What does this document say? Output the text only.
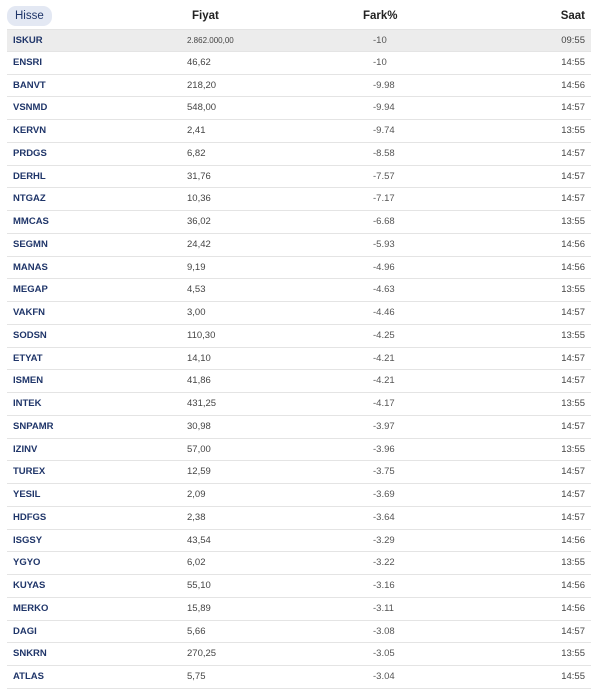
Hisse	Fiyat	Fark%	Saat
ISKUR	2.862.000,00	-10	09:55
ENSRI	46,62	-10	14:55
BANVT	218,20	-9.98	14:56
VSNMD	548,00	-9.94	14:57
KERVN	2,41	-9.74	13:55
PRDGS	6,82	-8.58	14:57
DERHL	31,76	-7.57	14:57
NTGAZ	10,36	-7.17	14:57
MMCAS	36,02	-6.68	13:55
SEGMN	24,42	-5.93	14:56
MANAS	9,19	-4.96	14:56
MEGAP	4,53	-4.63	13:55
VAKFN	3,00	-4.46	14:57
SODSN	110,30	-4.25	13:55
ETYAT	14,10	-4.21	14:57
ISMEN	41,86	-4.21	14:57
INTEK	431,25	-4.17	13:55
SNPAMR	30,98	-3.97	14:57
IZINV	57,00	-3.96	13:55
TUREX	12,59	-3.75	14:57
YESIL	2,09	-3.69	14:57
HDFGS	2,38	-3.64	14:57
ISGSY	43,54	-3.29	14:56
YGYO	6,02	-3.22	13:55
KUYAS	55,10	-3.16	14:56
MERKO	15,89	-3.11	14:56
DAGI	5,66	-3.08	14:57
SNKRN	270,25	-3.05	13:55
ATLAS	5,75	-3.04	14:55
